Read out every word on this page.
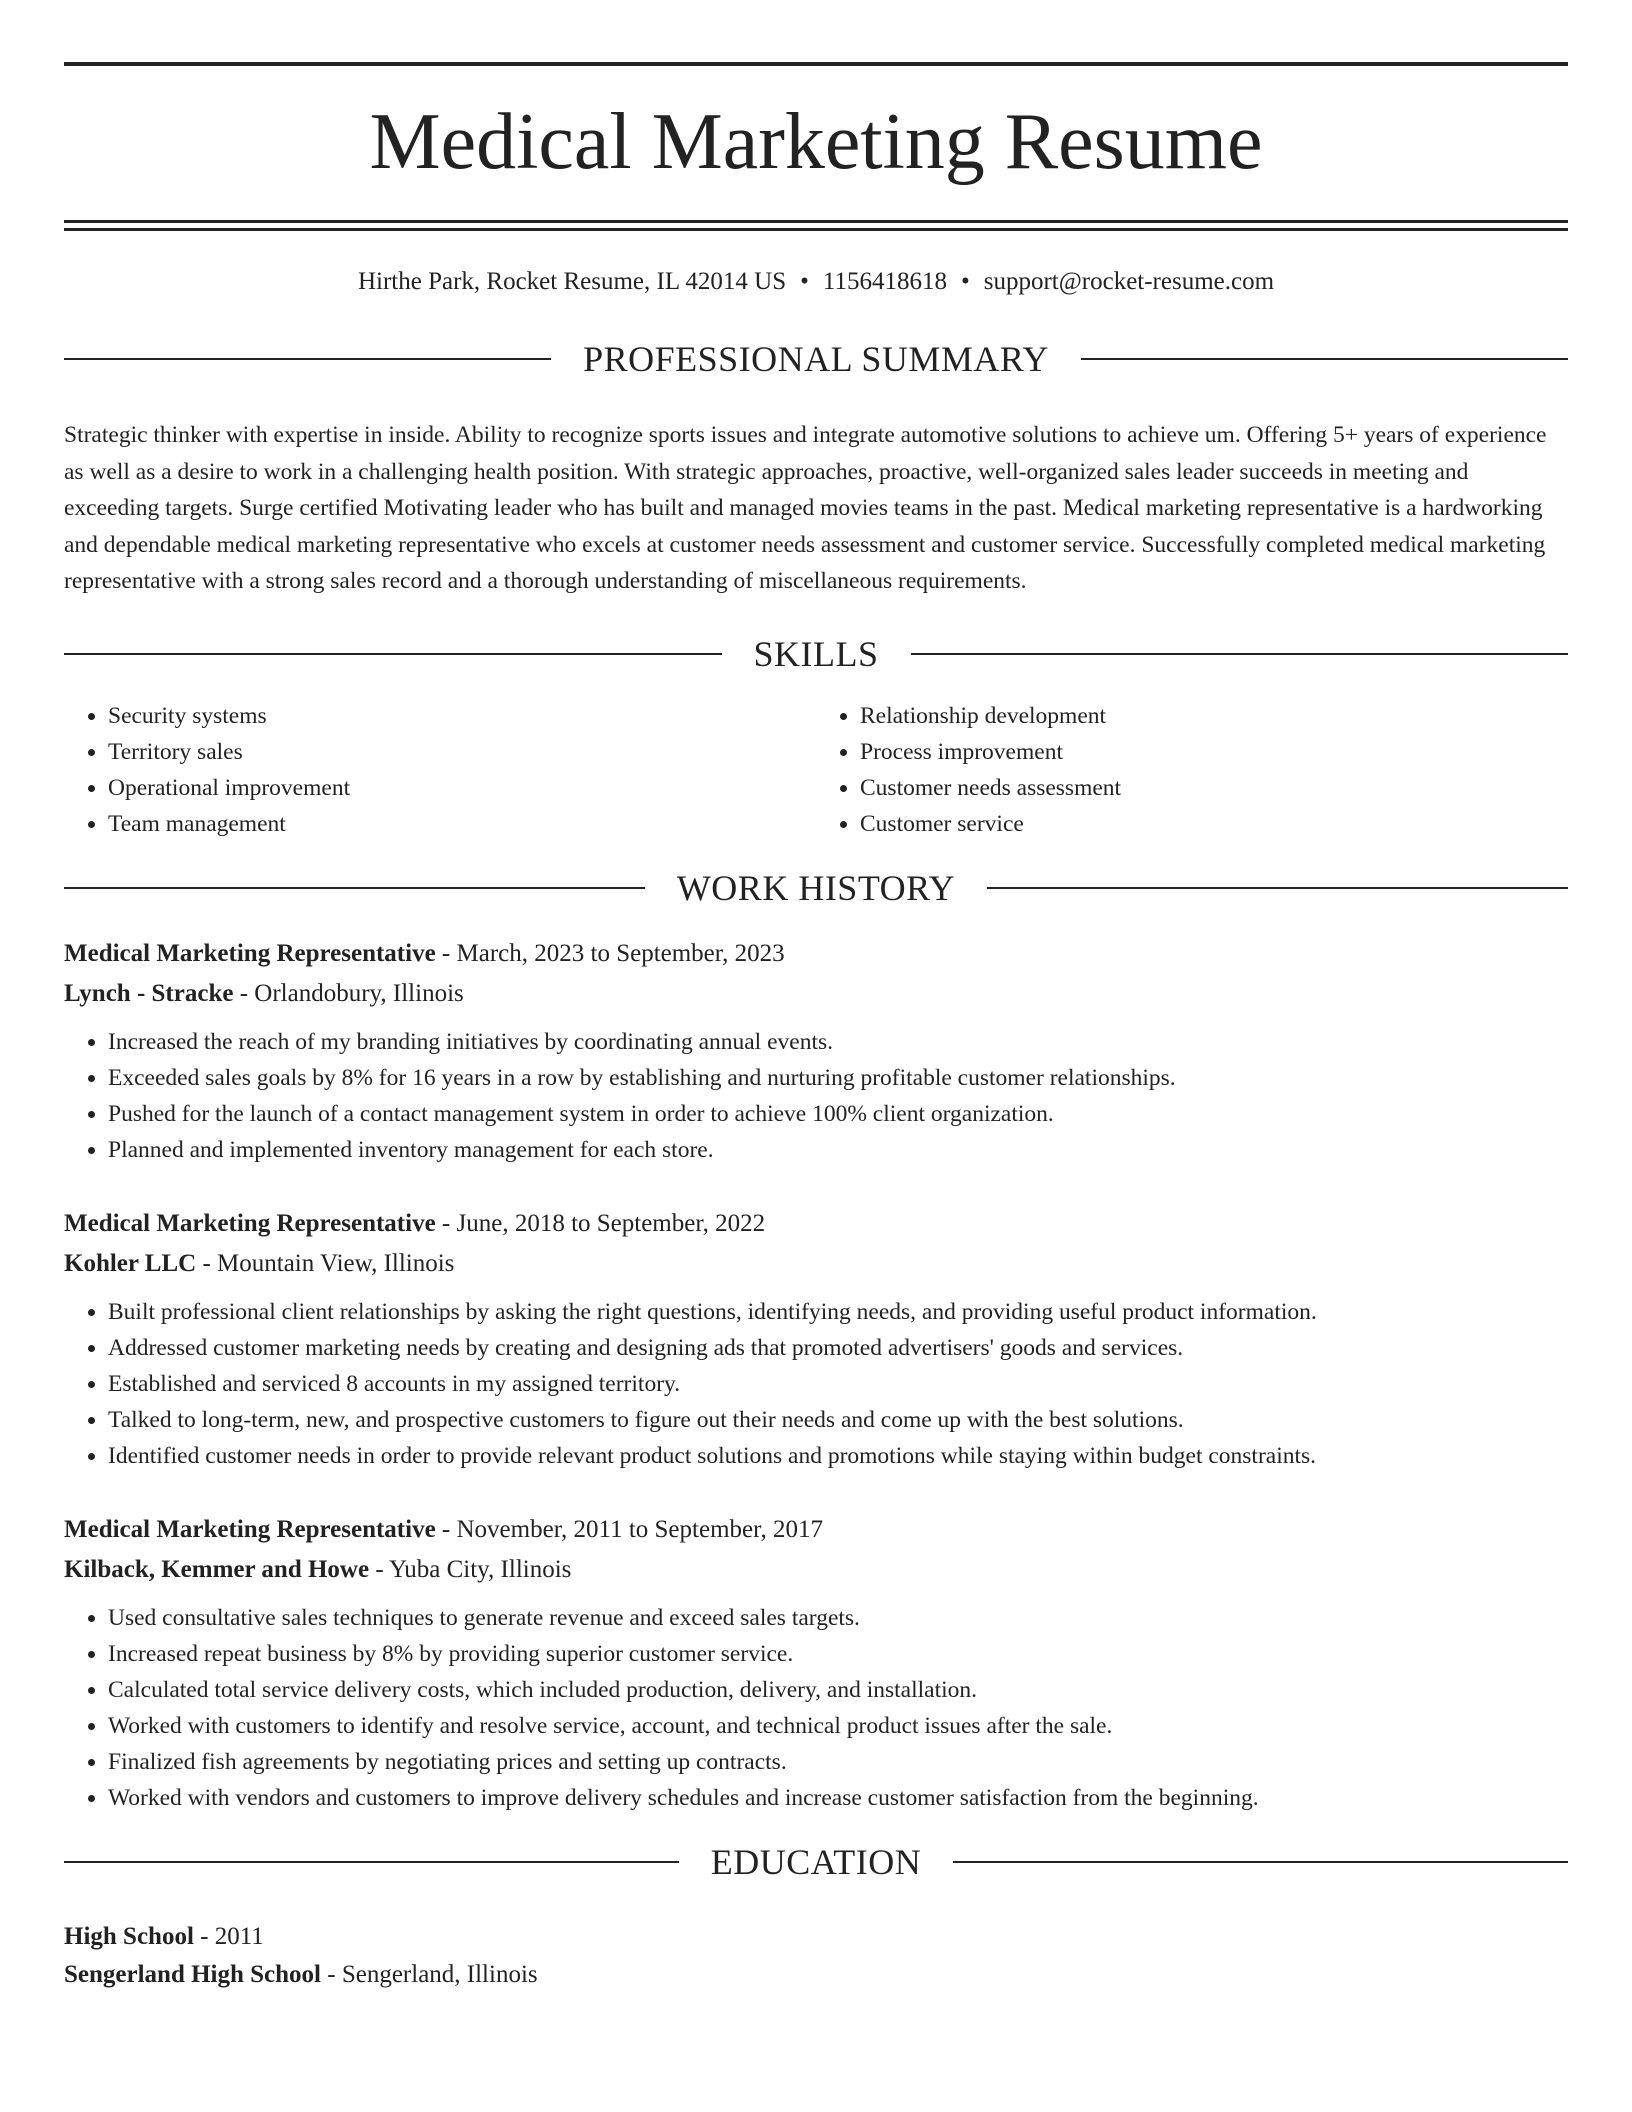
Medical Marketing Resume
Hirthe Park, Rocket Resume, IL 42014 US • 1156418618 • support@rocket-resume.com
PROFESSIONAL SUMMARY
Strategic thinker with expertise in inside. Ability to recognize sports issues and integrate automotive solutions to achieve um. Offering 5+ years of experience as well as a desire to work in a challenging health position. With strategic approaches, proactive, well-organized sales leader succeeds in meeting and exceeding targets. Surge certified Motivating leader who has built and managed movies teams in the past. Medical marketing representative is a hardworking and dependable medical marketing representative who excels at customer needs assessment and customer service. Successfully completed medical marketing representative with a strong sales record and a thorough understanding of miscellaneous requirements.
SKILLS
• Security systems
• Territory sales
• Operational improvement
• Team management
• Relationship development
• Process improvement
• Customer needs assessment
• Customer service
WORK HISTORY
Medical Marketing Representative - March, 2023 to September, 2023
Lynch - Stracke - Orlandobury, Illinois
• Increased the reach of my branding initiatives by coordinating annual events.
• Exceeded sales goals by 8% for 16 years in a row by establishing and nurturing profitable customer relationships.
• Pushed for the launch of a contact management system in order to achieve 100% client organization.
• Planned and implemented inventory management for each store.
Medical Marketing Representative - June, 2018 to September, 2022
Kohler LLC - Mountain View, Illinois
• Built professional client relationships by asking the right questions, identifying needs, and providing useful product information.
• Addressed customer marketing needs by creating and designing ads that promoted advertisers' goods and services.
• Established and serviced 8 accounts in my assigned territory.
• Talked to long-term, new, and prospective customers to figure out their needs and come up with the best solutions.
• Identified customer needs in order to provide relevant product solutions and promotions while staying within budget constraints.
Medical Marketing Representative - November, 2011 to September, 2017
Kilback, Kemmer and Howe - Yuba City, Illinois
• Used consultative sales techniques to generate revenue and exceed sales targets.
• Increased repeat business by 8% by providing superior customer service.
• Calculated total service delivery costs, which included production, delivery, and installation.
• Worked with customers to identify and resolve service, account, and technical product issues after the sale.
• Finalized fish agreements by negotiating prices and setting up contracts.
• Worked with vendors and customers to improve delivery schedules and increase customer satisfaction from the beginning.
EDUCATION
High School - 2011
Sengerland High School - Sengerland, Illinois
